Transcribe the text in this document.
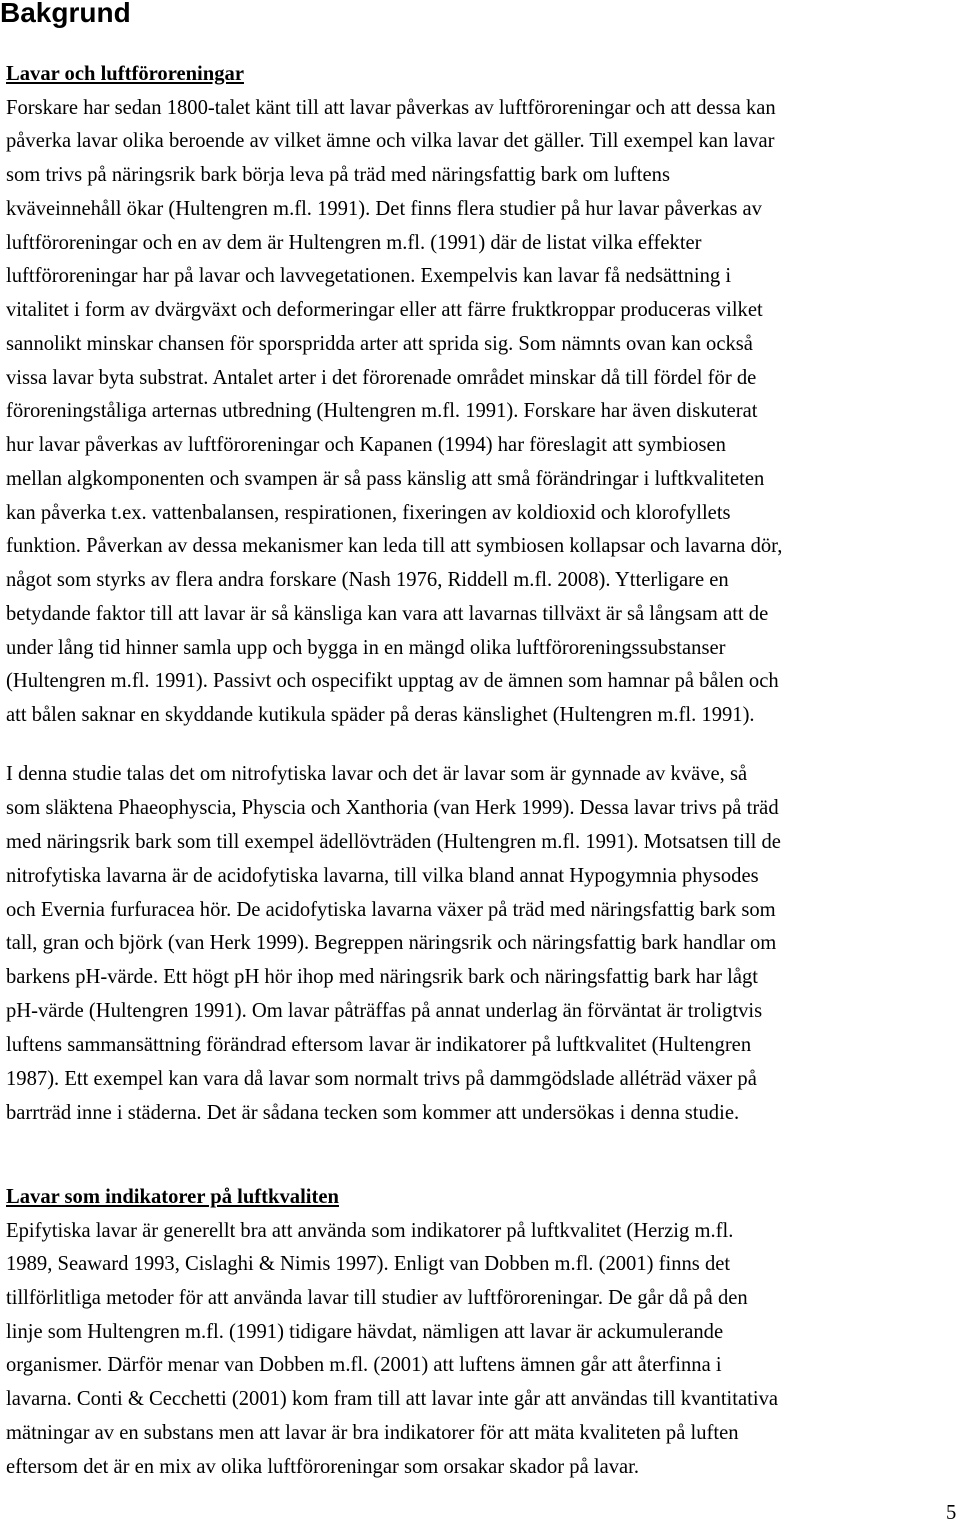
Bakgrund
Lavar och luftföroreningar
Forskare har sedan 1800-talet känt till att lavar påverkas av luftföroreningar och att dessa kan
påverka lavar olika beroende av vilket ämne och vilka lavar det gäller. Till exempel kan lavar
som trivs på näringsrik bark börja leva på träd med näringsfattig bark om luftens
kväveinnehåll ökar (Hultengren m.fl. 1991). Det finns flera studier på hur lavar påverkas av
luftföroreningar och en av dem är Hultengren m.fl. (1991) där de listat vilka effekter
luftföroreningar har på lavar och lavvegetationen. Exempelvis kan lavar få nedsättning i
vitalitet i form av dvärgväxt och deformeringar eller att färre fruktkroppar produceras vilket
sannolikt minskar chansen för sporspridda arter att sprida sig. Som nämnts ovan kan också
vissa lavar byta substrat. Antalet arter i det förorenade området minskar då till fördel för de
föroreningståliga arternas utbredning (Hultengren m.fl. 1991). Forskare har även diskuterat
hur lavar påverkas av luftföroreningar och Kapanen (1994) har föreslagit att symbiosen
mellan algkomponenten och svampen är så pass känslig att små förändringar i luftkvaliteten
kan påverka t.ex. vattenbalansen, respirationen, fixeringen av koldioxid och klorofyllets
funktion. Påverkan av dessa mekanismer kan leda till att symbiosen kollapsar och lavarna dör,
något som styrks av flera andra forskare (Nash 1976, Riddell m.fl. 2008). Ytterligare en
betydande faktor till att lavar är så känsliga kan vara att lavarnas tillväxt är så långsam att de
under lång tid hinner samla upp och bygga in en mängd olika luftföroreningssubstanser
(Hultengren m.fl. 1991). Passivt och ospecifikt upptag av de ämnen som hamnar på bålen och
att bålen saknar en skyddande kutikula späder på deras känslighet (Hultengren m.fl. 1991).
I denna studie talas det om nitrofytiska lavar och det är lavar som är gynnade av kväve, så
som släktena Phaeophyscia, Physcia och Xanthoria (van Herk 1999). Dessa lavar trivs på träd
med näringsrik bark som till exempel ädellövträden (Hultengren m.fl. 1991). Motsatsen till de
nitrofytiska lavarna är de acidofytiska lavarna, till vilka bland annat Hypogymnia physodes
och Evernia furfuracea hör. De acidofytiska lavarna växer på träd med näringsfattig bark som
tall, gran och björk (van Herk 1999). Begreppen näringsrik och näringsfattig bark handlar om
barkens pH-värde. Ett högt pH hör ihop med näringsrik bark och näringsfattig bark har lågt
pH-värde (Hultengren 1991). Om lavar påträffas på annat underlag än förväntat är troligtvis
luftens sammansättning förändrad eftersom lavar är indikatorer på luftkvalitet (Hultengren
1987). Ett exempel kan vara då lavar som normalt trivs på dammgödslade alléträd växer på
barrträd inne i städerna. Det är sådana tecken som kommer att undersökas i denna studie.
Lavar som indikatorer på luftkvaliten
Epifytiska lavar är generellt bra att använda som indikatorer på luftkvalitet (Herzig m.fl.
1989, Seaward 1993, Cislaghi & Nimis 1997). Enligt van Dobben m.fl. (2001) finns det
tillförlitliga metoder för att använda lavar till studier av luftföroreningar. De går då på den
linje som Hultengren m.fl. (1991) tidigare hävdat, nämligen att lavar är ackumulerande
organismer. Därför menar van Dobben m.fl. (2001) att luftens ämnen går att återfinna i
lavarna. Conti & Cecchetti (2001) kom fram till att lavar inte går att användas till kvantitativa
mätningar av en substans men att lavar är bra indikatorer för att mäta kvaliteten på luften
eftersom det är en mix av olika luftföroreningar som orsakar skador på lavar.
5
